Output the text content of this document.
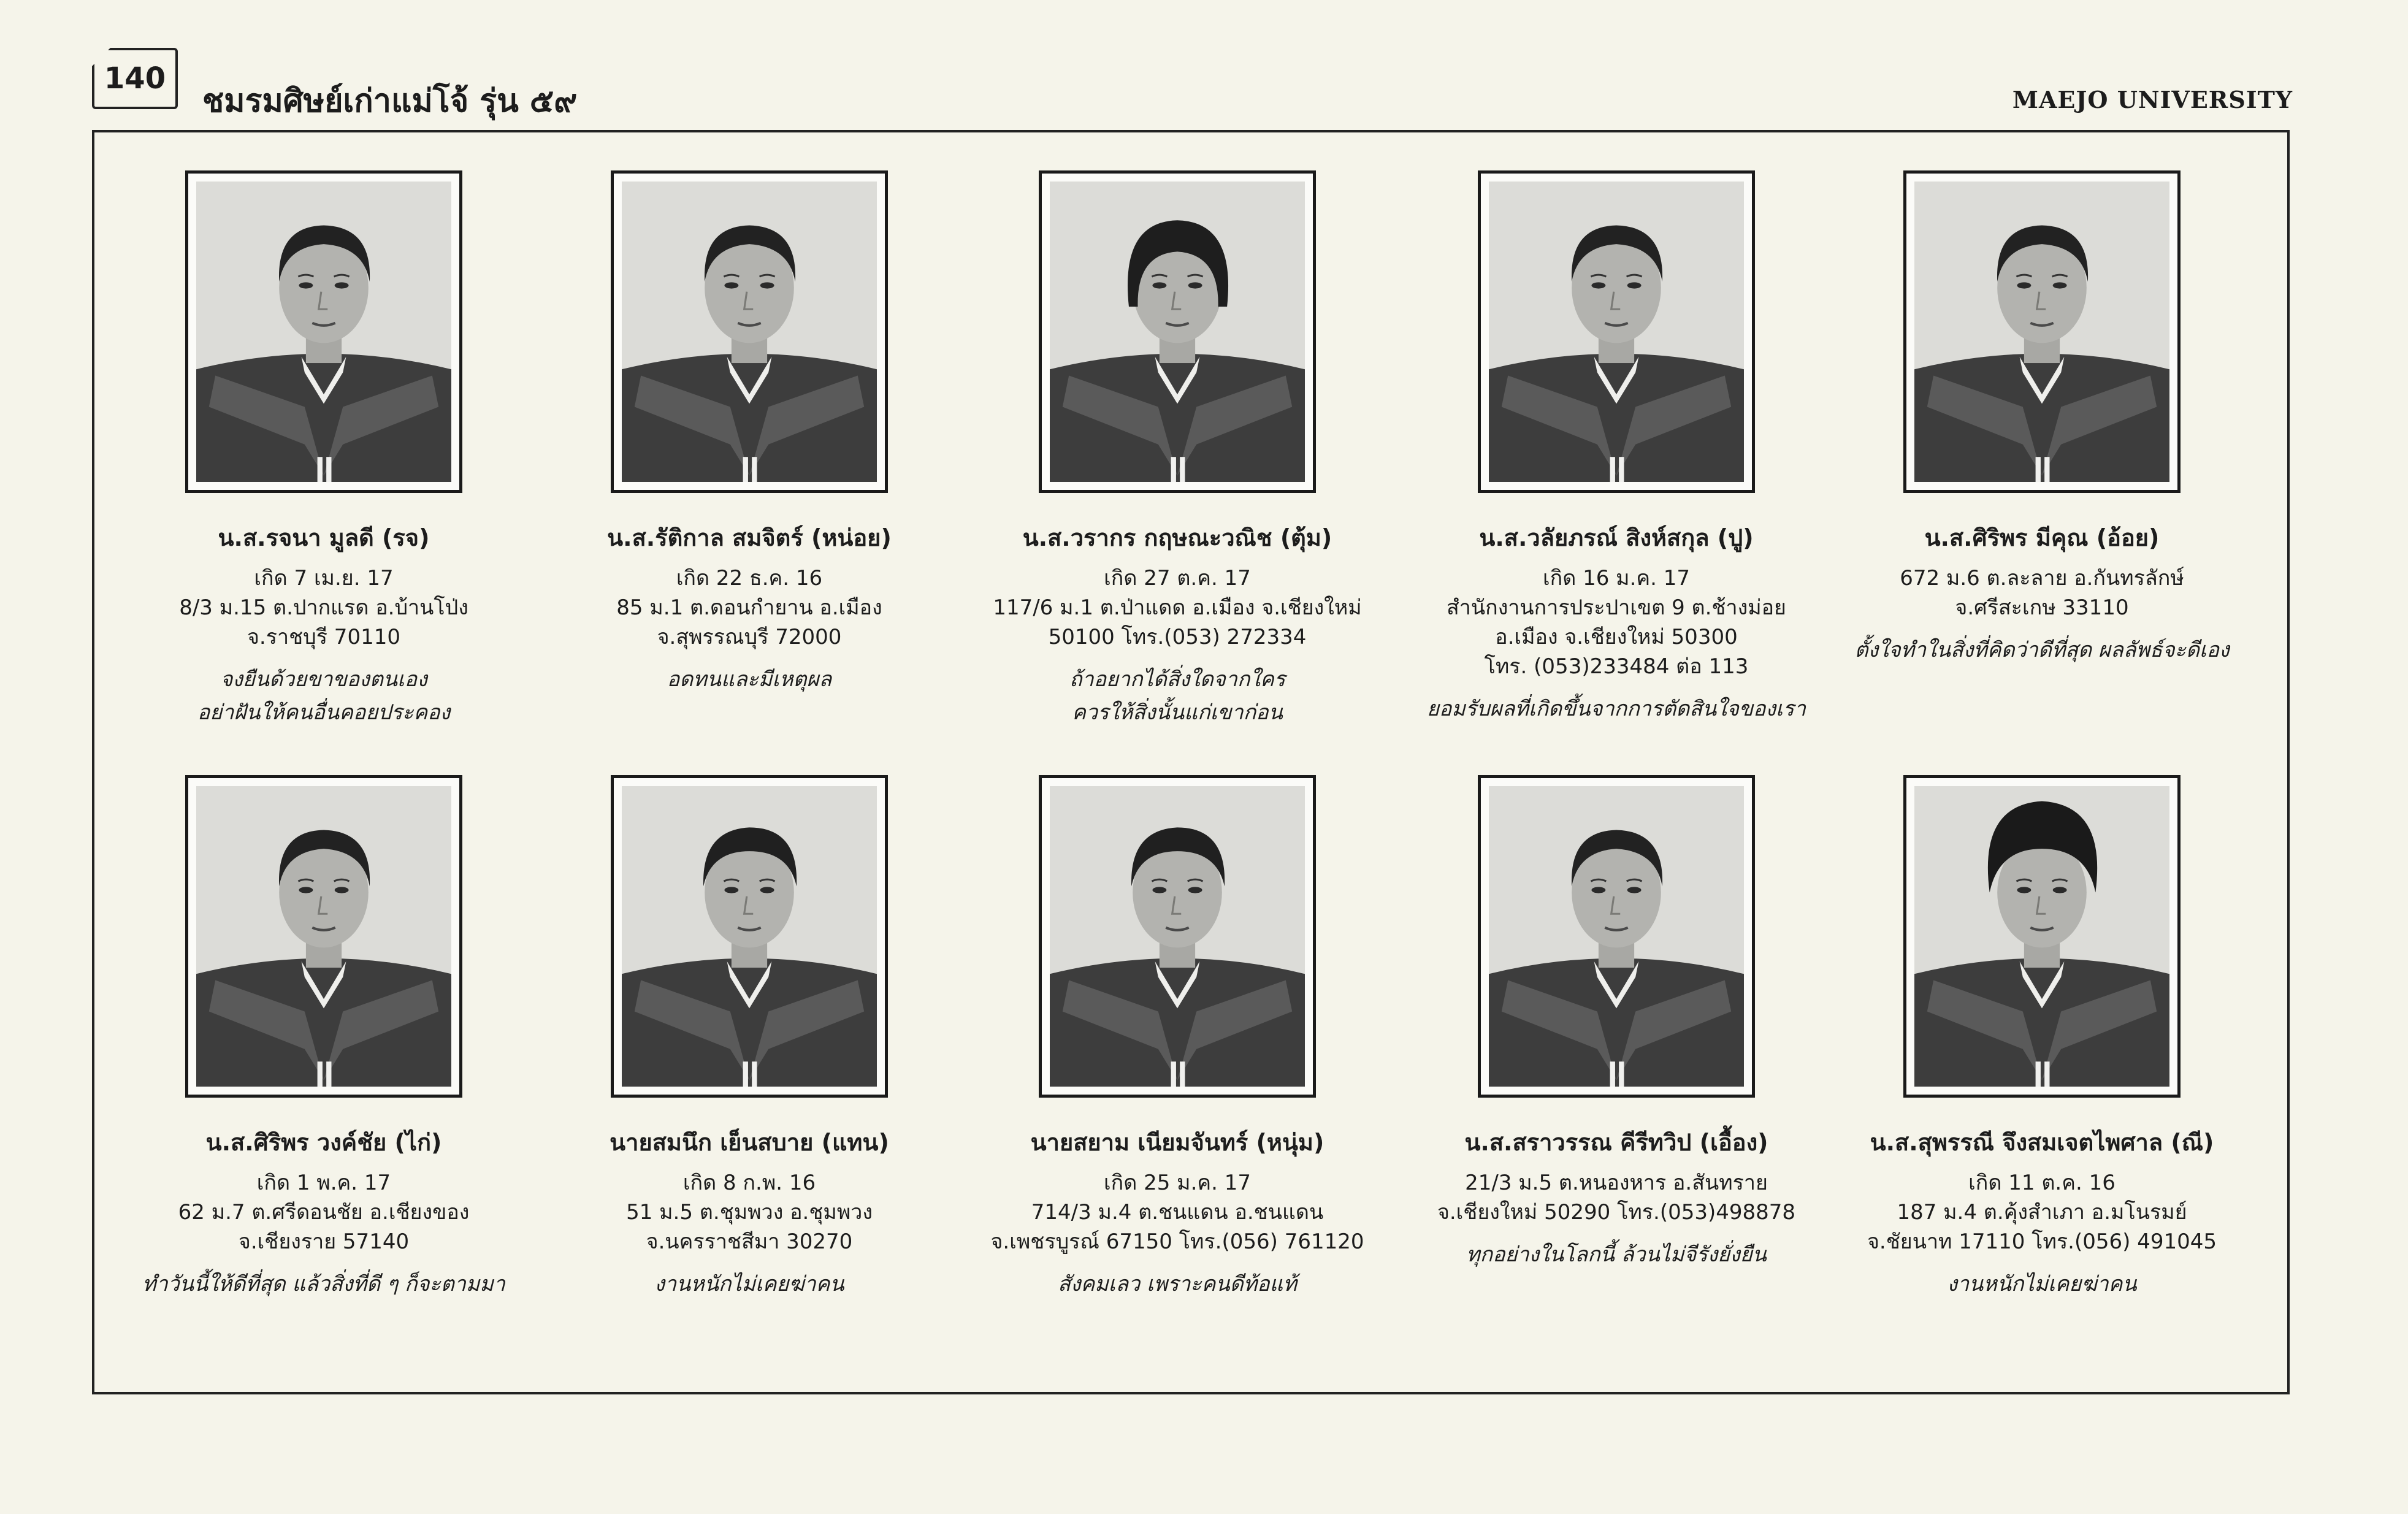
140
ชมรมศิษย์เก่าแม่โจ้ รุ่น ๕๙	MAEJO UNIVERSITY
น.ส.รจนา มูลดี (รจ)
เกิด 7 เม.ย. 17
8/3 ม.15 ต.ปากแรด อ.บ้านโป่ง
จ.ราชบุรี 70110
จงยืนด้วยขาของตนเอง
อย่าฝันให้คนอื่นคอยประคอง
น.ส.รัติกาล สมจิตร์ (หน่อย)
เกิด 22 ธ.ค. 16
85 ม.1 ต.ดอนกำยาน อ.เมือง
จ.สุพรรณบุรี 72000
อดทนและมีเหตุผล
น.ส.วรากร กฤษณะวณิช (ตุ้ม)
เกิด 27 ต.ค. 17
117/6 ม.1 ต.ป่าแดด อ.เมือง จ.เชียงใหม่
50100 โทร.(053) 272334
ถ้าอยากได้สิ่งใดจากใคร
ควรให้สิ่งนั้นแก่เขาก่อน
น.ส.วลัยภรณ์ สิงห์สกุล (ปู)
เกิด 16 ม.ค. 17
สำนักงานการประปาเขต 9 ต.ช้างม่อย
อ.เมือง จ.เชียงใหม่ 50300
โทร. (053)233484 ต่อ 113
ยอมรับผลที่เกิดขึ้นจากการตัดสินใจของเรา
น.ส.ศิริพร มีคุณ (อ้อย)
672 ม.6 ต.ละลาย อ.กันทรลักษ์
จ.ศรีสะเกษ 33110
ตั้งใจทำในสิ่งที่คิดว่าดีที่สุด ผลลัพธ์จะดีเอง
น.ส.ศิริพร วงค์ชัย (ไก่)
เกิด 1 พ.ค. 17
62 ม.7 ต.ศรีดอนชัย อ.เชียงของ
จ.เชียงราย 57140
ทำวันนี้ให้ดีที่สุด แล้วสิ่งที่ดี ๆ ก็จะตามมา
นายสมนึก เย็นสบาย (แทน)
เกิด 8 ก.พ. 16
51 ม.5 ต.ชุมพวง อ.ชุมพวง
จ.นครราชสีมา 30270
งานหนักไม่เคยฆ่าคน
นายสยาม เนียมจันทร์ (หนุ่ม)
เกิด 25 ม.ค. 17
714/3 ม.4 ต.ชนแดน อ.ชนแดน
จ.เพชรบูรณ์ 67150 โทร.(056) 761120
สังคมเลว เพราะคนดีท้อแท้
น.ส.สราวรรณ คีรีทวิป (เอื้อง)
21/3 ม.5 ต.หนองหาร อ.สันทราย
จ.เชียงใหม่ 50290 โทร.(053)498878
ทุกอย่างในโลกนี้ ล้วนไม่จีรังยั่งยืน
น.ส.สุพรรณี จึงสมเจตไพศาล (ณี)
เกิด 11 ต.ค. 16
187 ม.4 ต.คุ้งสำเภา อ.มโนรมย์
จ.ชัยนาท 17110 โทร.(056) 491045
งานหนักไม่เคยฆ่าคน
